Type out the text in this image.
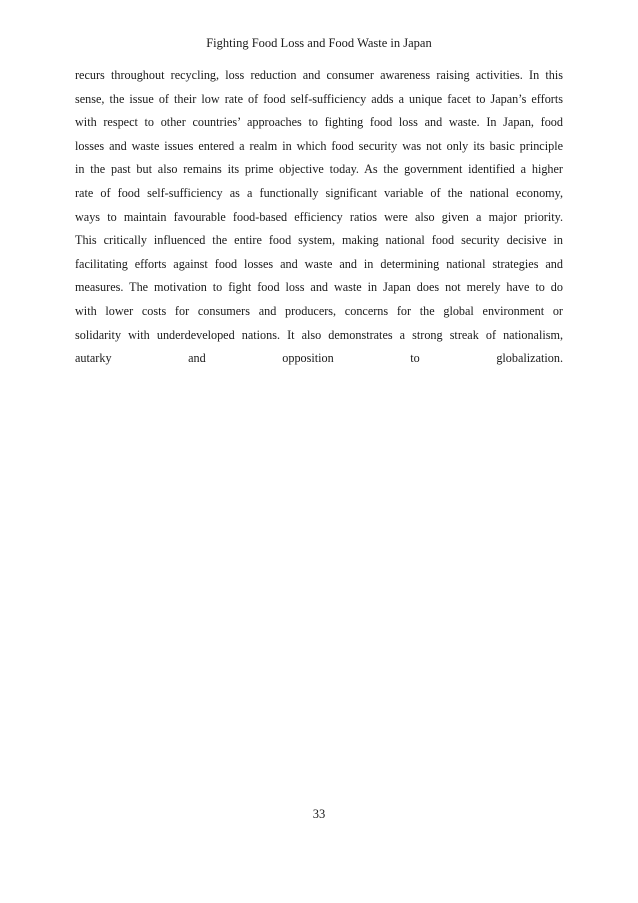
Fighting Food Loss and Food Waste in Japan
recurs throughout recycling, loss reduction and consumer awareness raising activities. In this
sense, the issue of their low rate of food self-sufficiency adds a unique facet to Japan’s efforts
with respect to other countries’ approaches to fighting food loss and waste. In Japan, food
losses and waste issues entered a realm in which food security was not only its basic principle
in the past but also remains its prime objective today. As the government identified a higher
rate of food self-sufficiency as a functionally significant variable of the national economy,
ways to maintain favourable food-based efficiency ratios were also given a major priority.
This critically influenced the entire food system, making national food security decisive in
facilitating efforts against food losses and waste and in determining national strategies and
measures. The motivation to fight food loss and waste in Japan does not merely have to do
with lower costs for consumers and producers, concerns for the global environment or
solidarity with underdeveloped nations. It also demonstrates a strong streak of nationalism,
autarky and opposition to globalization.
33
